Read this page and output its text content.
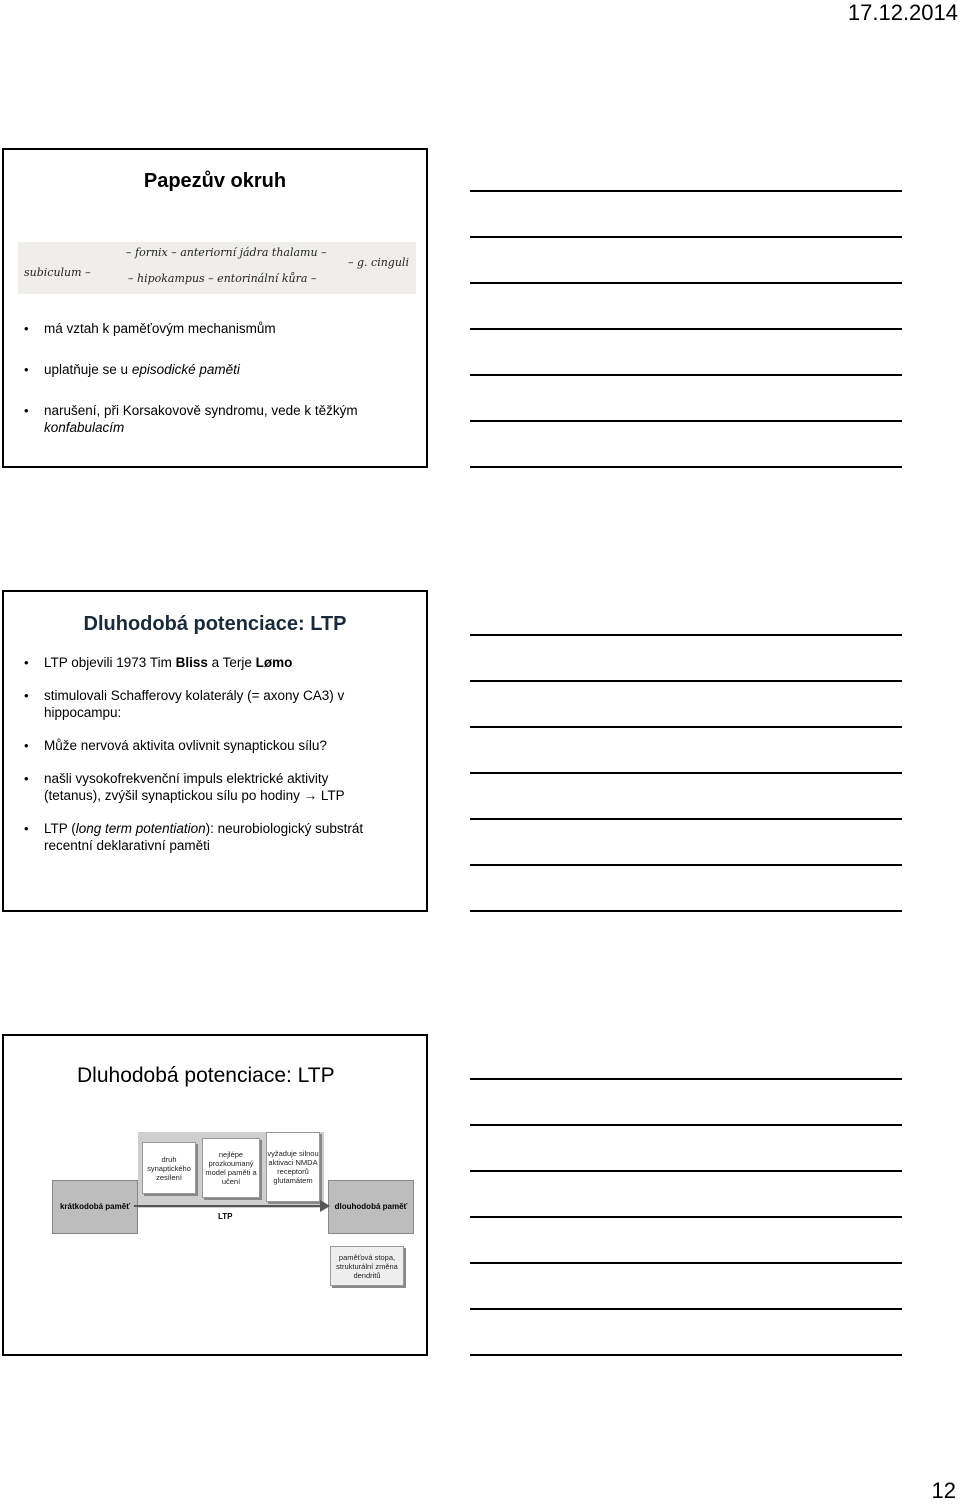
17.12.2014
Papezův okruh
– fornix – anteriorní jádra thalamu –
subiculum –
– g. cinguli
– hipokampus – entorinální kůra –
• má vztah k paměťovým mechanismům
• uplatňuje se u episodické paměti
• narušení, při Korsakovově syndromu, vede k těžkým konfabulacím
Dluhodobá potenciace: LTP
• LTP objevili 1973 Tim Bliss a Terje Lømo
• stimulovali Schafferovy kolaterály (= axony CA3) v hippocampu:
• Může nervová aktivita ovlivnit synaptickou sílu?
• našli vysokofrekvenční impuls elektrické aktivity (tetanus), zvýšil synaptickou sílu po hodiny → LTP
• LTP (long term potentiation): neurobiologický substrát recentní deklarativní paměti
Dluhodobá potenciace: LTP
druh synaptického zesílení
nejlépe prozkoumaný model paměti a učení
vyžaduje silnou aktivaci NMDA receptorů glutamátem
krátkodobá paměť	dlouhodobá paměť
LTP
paměťová stopa, strukturální změna dendritů
12
